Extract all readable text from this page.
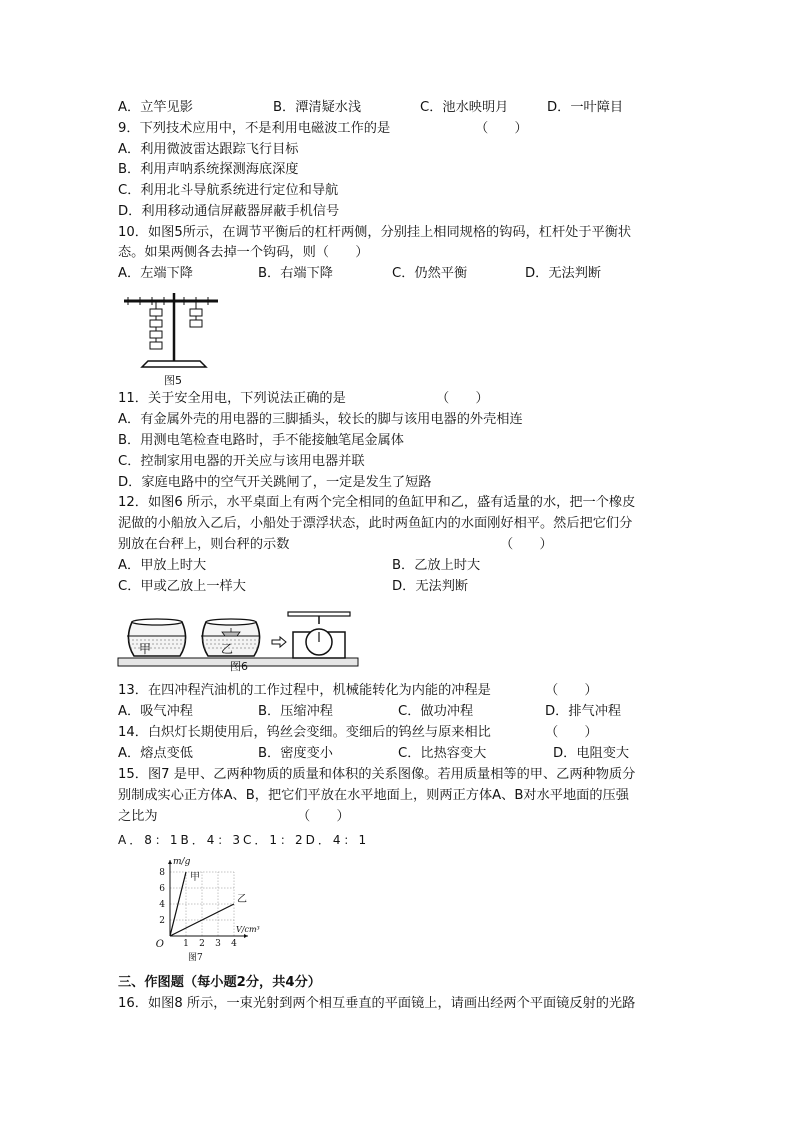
A．立竿见影	B．潭清疑水浅	C．池水映明月	D．一叶障目
9．下列技术应用中，不是利用电磁波工作的是	（　　）
A．利用微波雷达跟踪飞行目标
B．利用声呐系统探测海底深度
C．利用北斗导航系统进行定位和导航
D．利用移动通信屏蔽器屏蔽手机信号
10．如图5所示，在调节平衡后的杠杆两侧，分别挂上相同规格的钩码，杠杆处于平衡状
态。如果两侧各去掉一个钩码，则（　　）
A．左端下降	B．右端下降	C．仍然平衡	D．无法判断
图5
11．关于安全用电，下列说法正确的是	（　　）
A．有金属外壳的用电器的三脚插头，较长的脚与该用电器的外壳相连
B．用测电笔检查电路时，手不能接触笔尾金属体
C．控制家用电器的开关应与该用电器并联
D．家庭电路中的空气开关跳闸了，一定是发生了短路
12．如图6 所示，水平桌面上有两个完全相同的鱼缸甲和乙，盛有适量的水，把一个橡皮
泥做的小船放入乙后，小船处于漂浮状态，此时两鱼缸内的水面刚好相平。然后把它们分
别放在台秤上，则台秤的示数	（　　）
A．甲放上时大	B．乙放上时大
C．甲或乙放上一样大	D．无法判断
甲	乙
图6
13．在四冲程汽油机的工作过程中，机械能转化为内能的冲程是	（　　）
A．吸气冲程	B．压缩冲程	C．做功冲程	D．排气冲程
14．白炽灯长期使用后，钨丝会变细。变细后的钨丝与原来相比	（　　）
A．熔点变低	B．密度变小	C．比热容变大	D．电阻变大
15．图7 是甲、乙两种物质的质量和体积的关系图像。若用质量相等的甲、乙两种物质分
别制成实心正方体A、B，把它们平放在水平地面上，则两正方体A、B对水平地面的压强
之比为	（　　）
A．8：1B．4：3C．1：2D．4：1
1 2 3 4
2
4
6
8
O
m/g
V/cm³
图7
甲
乙
三、作图题（每小题2分，共4分）
16．如图8 所示，一束光射到两个相互垂直的平面镜上，请画出经两个平面镜反射的光路
